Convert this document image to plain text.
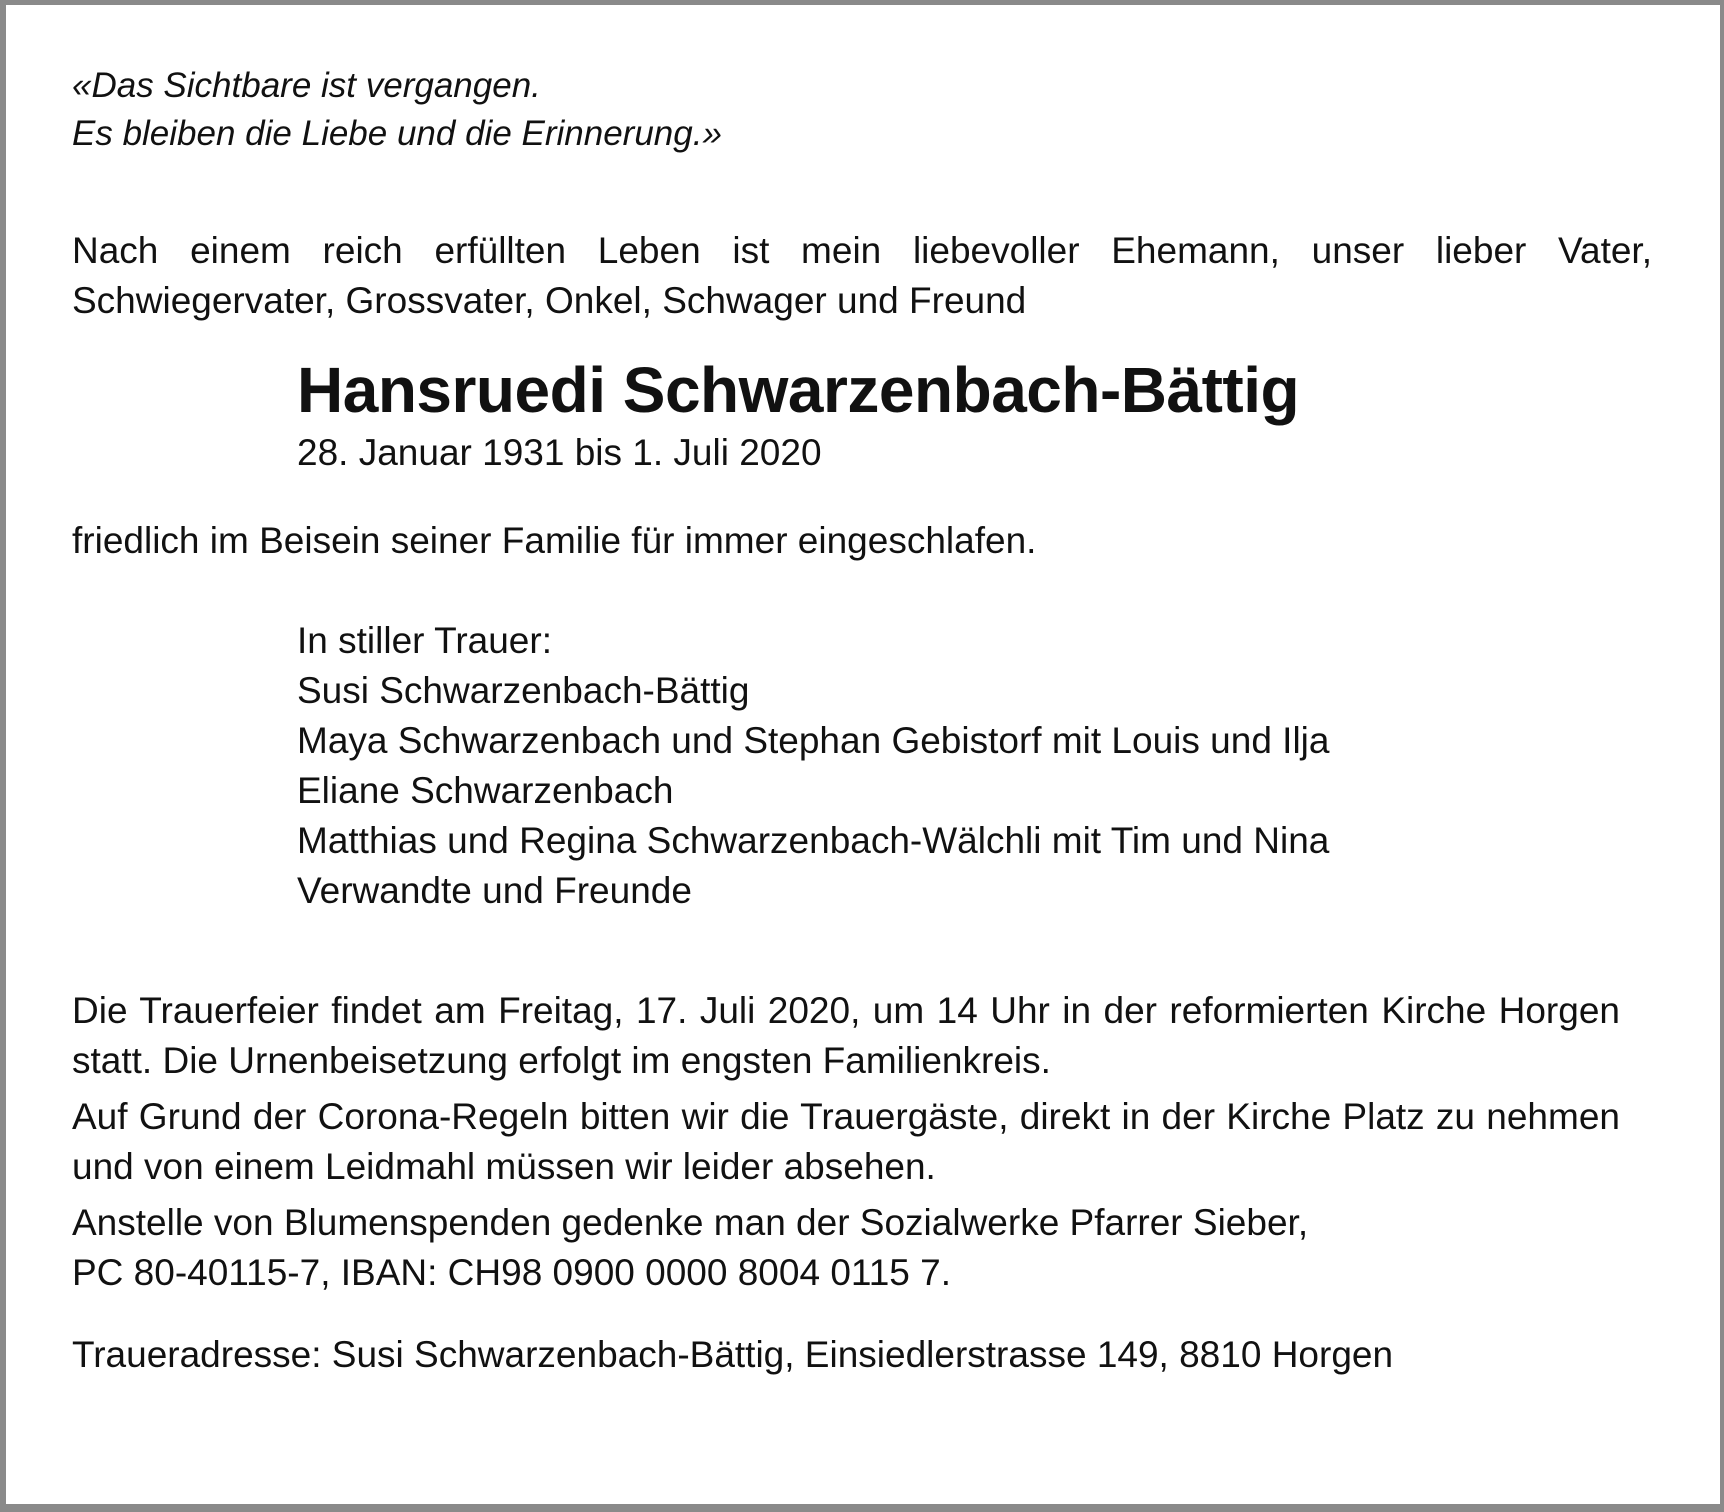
«Das Sichtbare ist vergangen.
Es bleiben die Liebe und die Erinnerung.»
Nach einem reich erfüllten Leben ist mein liebevoller Ehemann, unser lieber Vater, Schwiegervater, Grossvater, Onkel, Schwager und Freund
Hansruedi Schwarzenbach-Bättig
28. Januar 1931 bis 1. Juli 2020
friedlich im Beisein seiner Familie für immer eingeschlafen.
In stiller Trauer:
Susi Schwarzenbach-Bättig
Maya Schwarzenbach und Stephan Gebistorf mit Louis und Ilja
Eliane Schwarzenbach
Matthias und Regina Schwarzenbach-Wälchli mit Tim und Nina
Verwandte und Freunde
Die Trauerfeier findet am Freitag, 17. Juli 2020, um 14 Uhr in der reformierten Kirche Horgen statt. Die Urnenbeisetzung erfolgt im engsten Familienkreis.
Auf Grund der Corona-Regeln bitten wir die Trauergäste, direkt in der Kirche Platz zu nehmen und von einem Leidmahl müssen wir leider absehen.
Anstelle von Blumenspenden gedenke man der Sozialwerke Pfarrer Sieber,
PC 80-40115-7, IBAN: CH98 0900 0000 8004 0115 7.
Traueradresse: Susi Schwarzenbach-Bättig, Einsiedlerstrasse 149, 8810 Horgen
